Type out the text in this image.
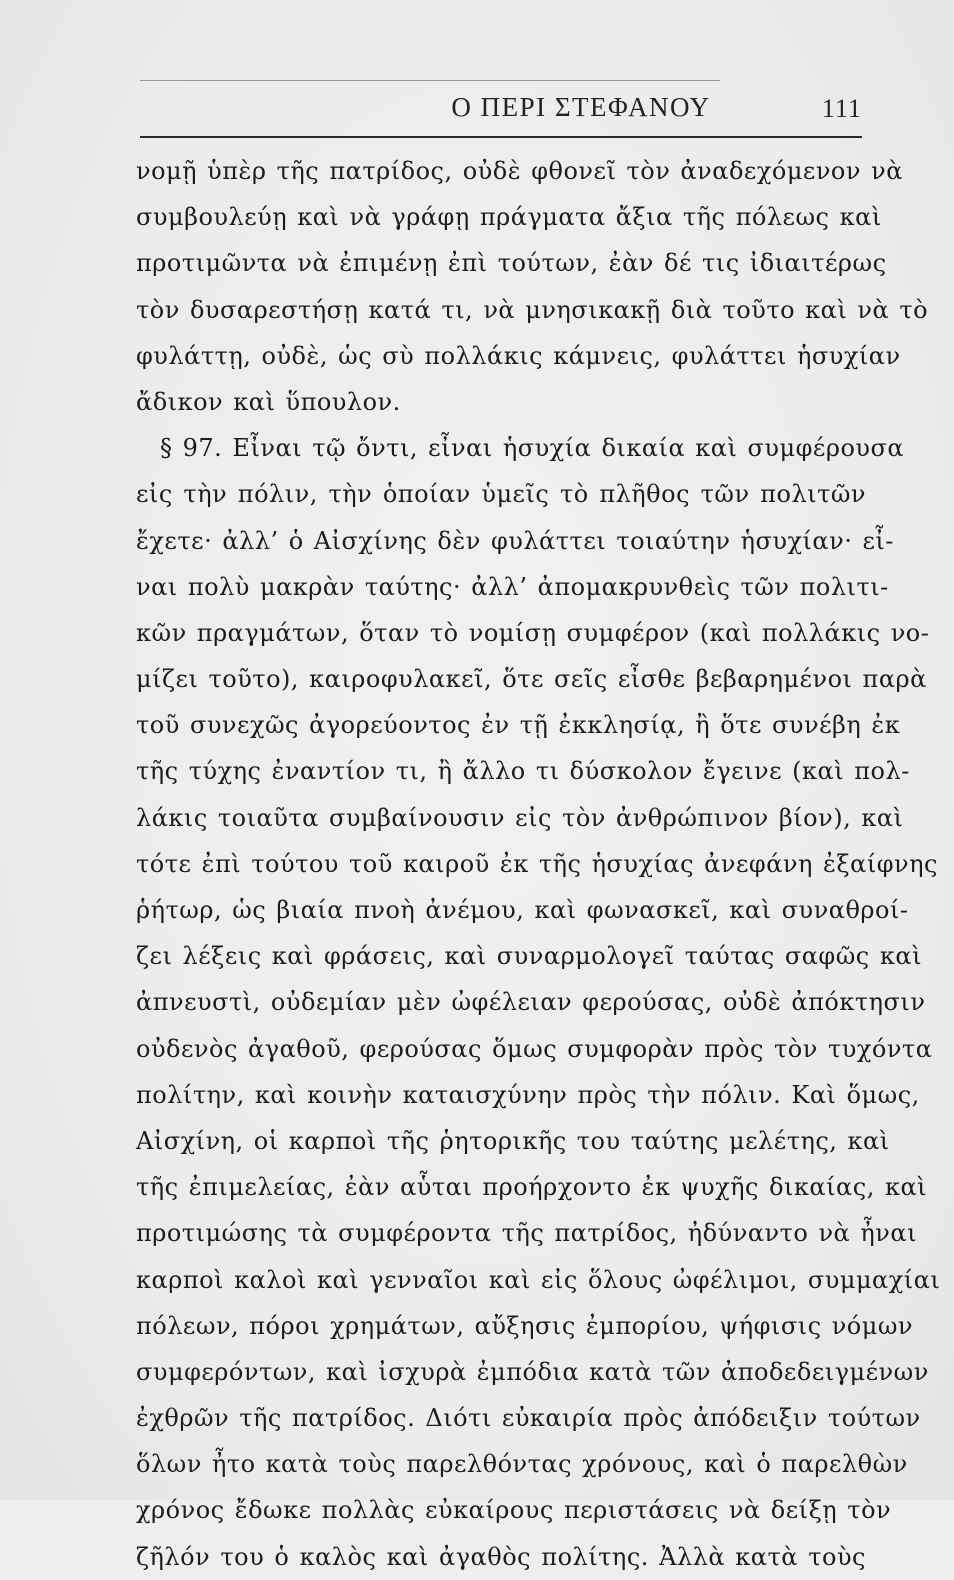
Ο ΠΕΡΙ ΣΤΕΦΑΝΟΥ	111
νομῇ ὑπὲρ τῆς πατρίδος, οὐδὲ φθονεῖ τὸν ἀναδεχόμενον νὰ
συμβουλεύῃ καὶ νὰ γράφῃ πράγματα ἄξια τῆς πόλεως καὶ
προτιμῶντα νὰ ἐπιμένῃ ἐπὶ τούτων, ἐὰν δέ τις ἰδιαιτέρως
τὸν δυσαρεστήσῃ κατά τι, νὰ μνησικακῇ διὰ τοῦτο καὶ νὰ τὸ
φυλάττῃ, οὐδὲ, ὡς σὺ πολλάκις κάμνεις, φυλάττει ἡσυχίαν
ἄδικον καὶ ὕπουλον.
§ 97. Εἶναι τῷ ὄντι, εἶναι ἡσυχία δικαία καὶ συμφέρουσα
εἰς τὴν πόλιν, τὴν ὁποίαν ὑμεῖς τὸ πλῆθος τῶν πολιτῶν
ἔχετε· ἀλλ’ ὁ Αἰσχίνης δὲν φυλάττει τοιαύτην ἡσυχίαν· εἶ-
ναι πολὺ μακρὰν ταύτης· ἀλλ’ ἀπομακρυνθεὶς τῶν πολιτι-
κῶν πραγμάτων, ὅταν τὸ νομίσῃ συμφέρον (καὶ πολλάκις νο-
μίζει τοῦτο), καιροφυλακεῖ, ὅτε σεῖς εἶσθε βεβαρημένοι παρὰ
τοῦ συνεχῶς ἀγορεύοντος ἐν τῇ ἐκκλησίᾳ, ἢ ὅτε συνέβη ἐκ
τῆς τύχης ἐναντίον τι, ἢ ἄλλο τι δύσκολον ἔγεινε (καὶ πολ-
λάκις τοιαῦτα συμβαίνουσιν εἰς τὸν ἀνθρώπινον βίον), καὶ
τότε ἐπὶ τούτου τοῦ καιροῦ ἐκ τῆς ἡσυχίας ἀνεφάνη ἐξαίφνης
ῥήτωρ, ὡς βιαία πνοὴ ἀνέμου, καὶ φωνασκεῖ, καὶ συναθροί-
ζει λέξεις καὶ φράσεις, καὶ συναρμολογεῖ ταύτας σαφῶς καὶ
ἀπνευστὶ, οὐδεμίαν μὲν ὠφέλειαν φερούσας, οὐδὲ ἀπόκτησιν
οὐδενὸς ἀγαθοῦ, φερούσας ὅμως συμφορὰν πρὸς τὸν τυχόντα
πολίτην, καὶ κοινὴν καταισχύνην πρὸς τὴν πόλιν. Καὶ ὅμως,
Αἰσχίνη, οἱ καρποὶ τῆς ῥητορικῆς του ταύτης μελέτης, καὶ
τῆς ἐπιμελείας, ἐὰν αὗται προήρχοντο ἐκ ψυχῆς δικαίας, καὶ
προτιμώσης τὰ συμφέροντα τῆς πατρίδος, ἠδύναντο νὰ ἦναι
καρποὶ καλοὶ καὶ γενναῖοι καὶ εἰς ὅλους ὠφέλιμοι, συμμαχίαι
πόλεων, πόροι χρημάτων, αὔξησις ἐμπορίου, ψήφισις νόμων
συμφερόντων, καὶ ἰσχυρὰ ἐμπόδια κατὰ τῶν ἀποδεδειγμένων
ἐχθρῶν τῆς πατρίδος. Διότι εὐκαιρία πρὸς ἀπόδειξιν τούτων
ὅλων ἦτο κατὰ τοὺς παρελθόντας χρόνους, καὶ ὁ παρελθὼν
χρόνος ἔδωκε πολλὰς εὐκαίρους περιστάσεις νὰ δείξῃ τὸν
ζῆλόν του ὁ καλὸς καὶ ἀγαθὸς πολίτης. Ἀλλὰ κατὰ τοὺς
